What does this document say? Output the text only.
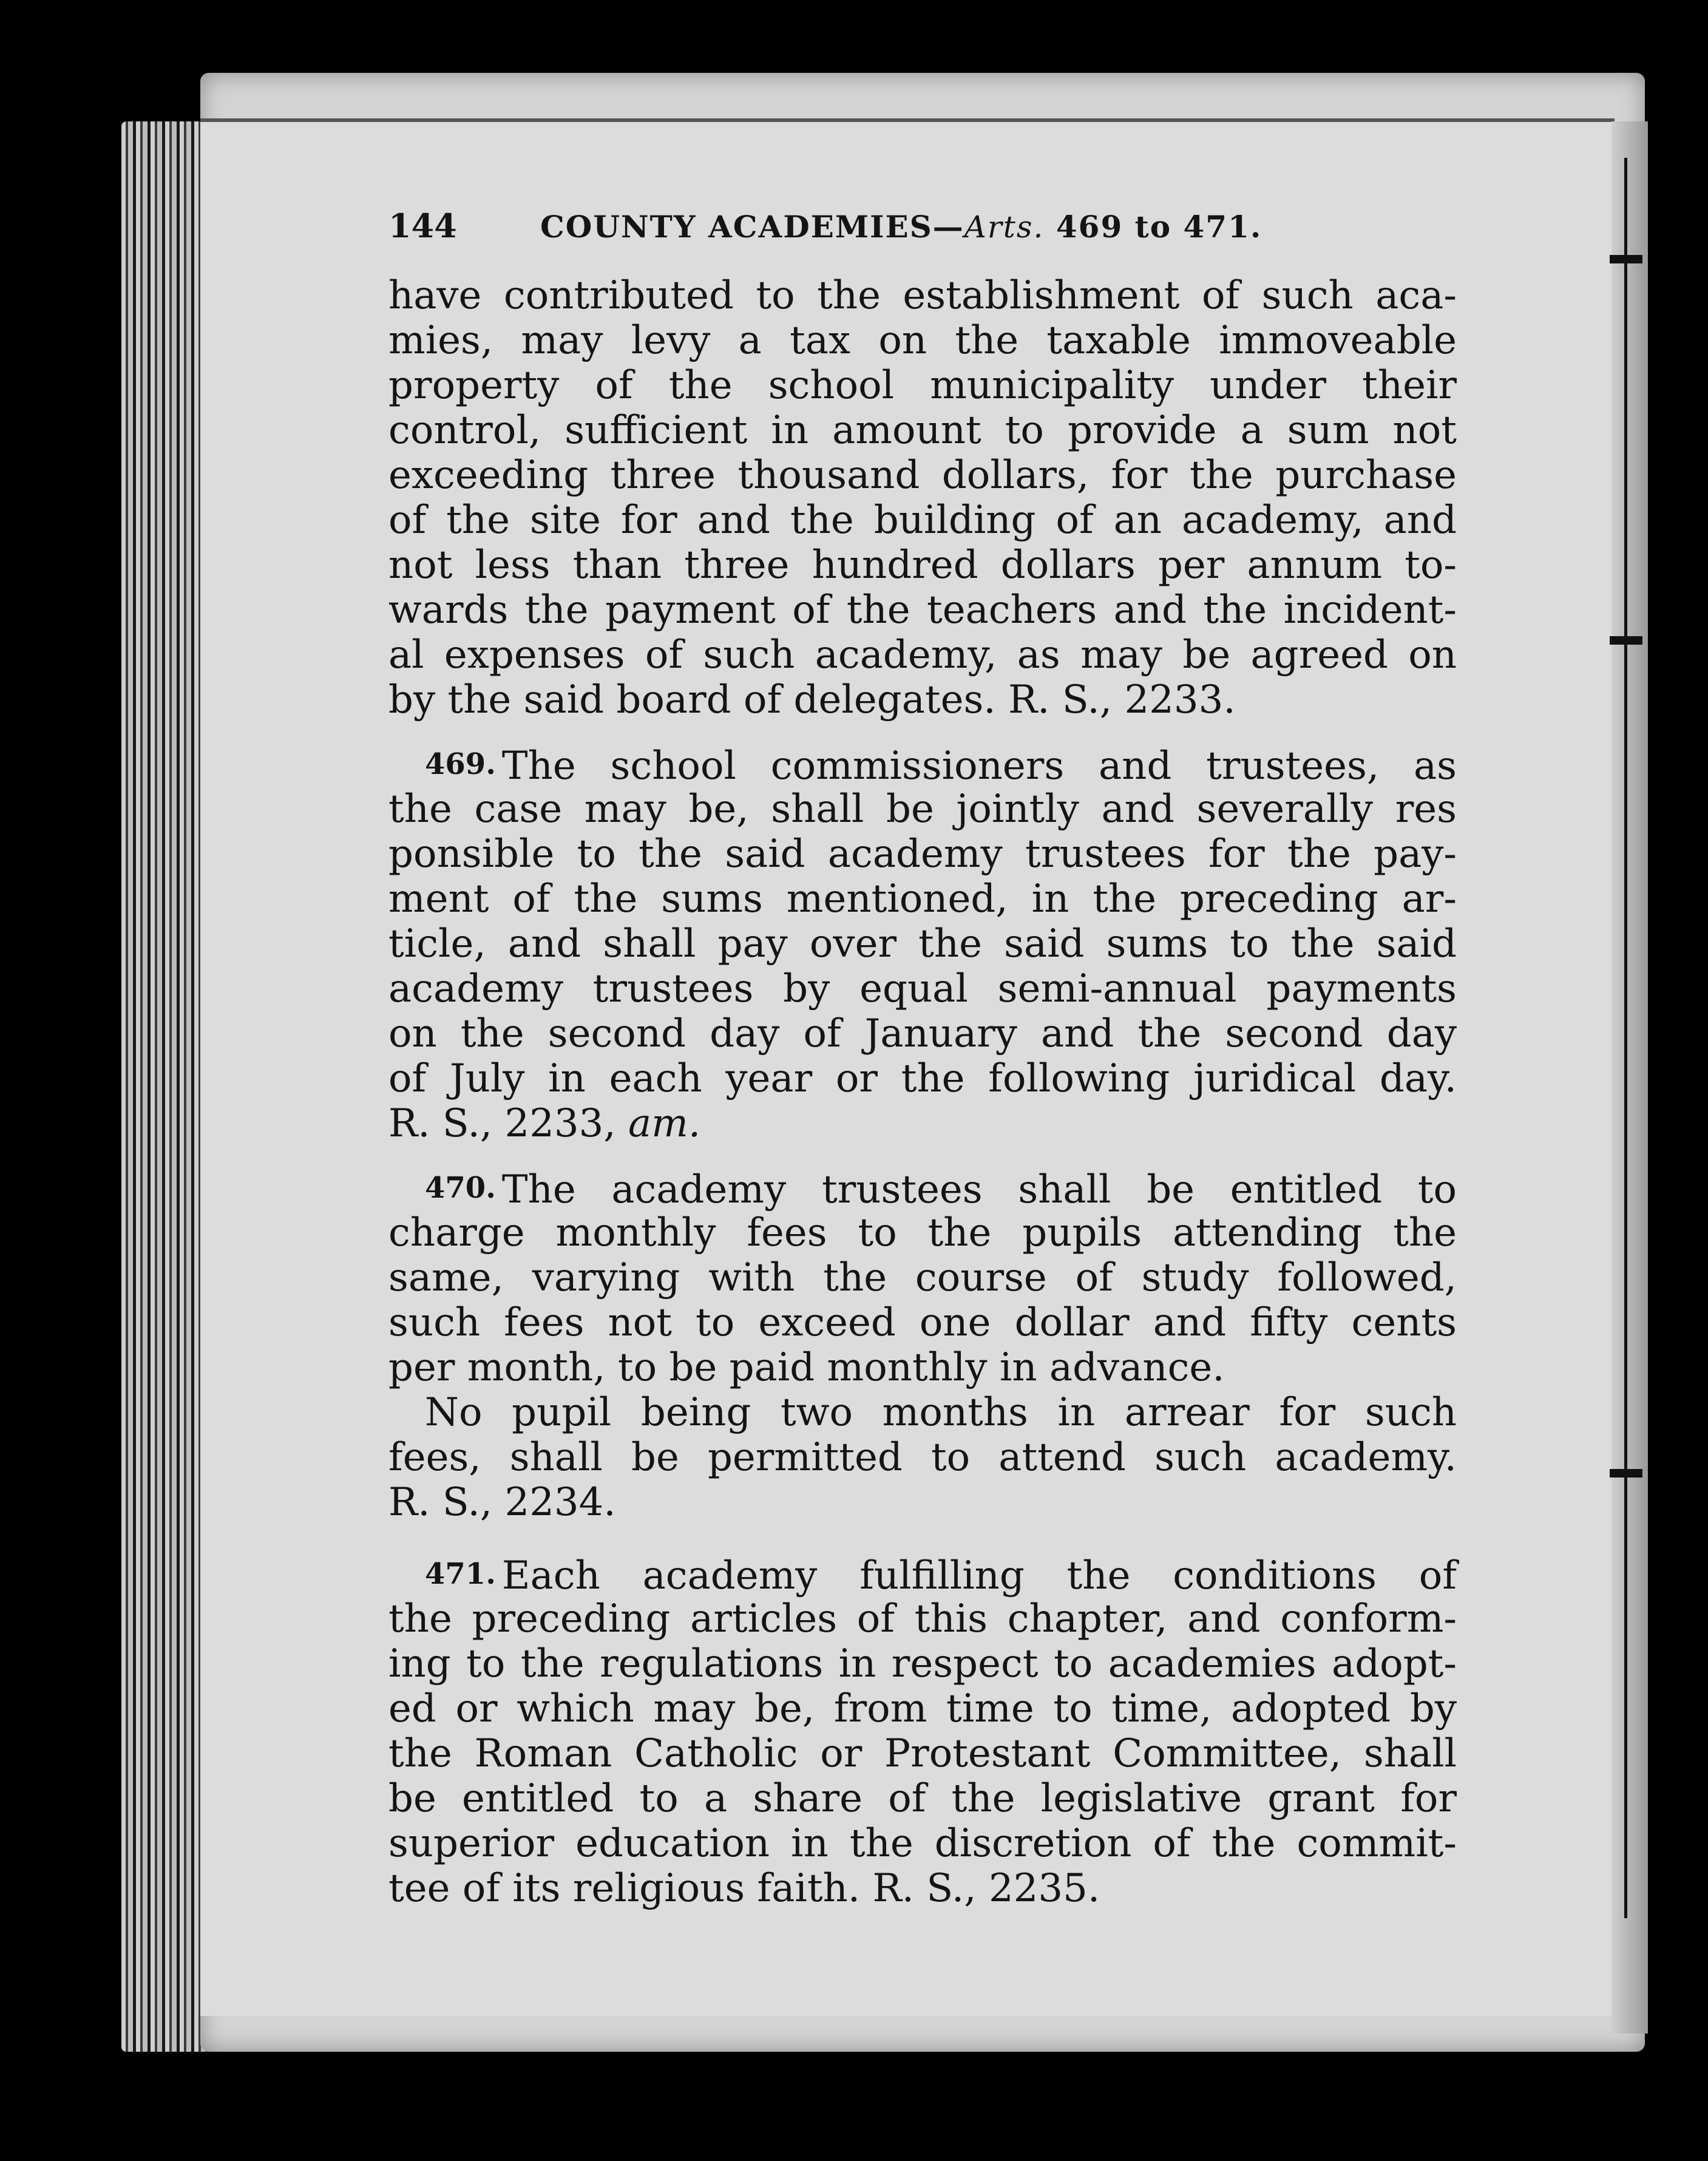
144	COUNTY ACADEMIES—Arts. 469 to 471.
have contributed to the establishment of such aca-
mies, may levy a tax on the taxable immoveable
property of the school municipality under their
control, sufficient in amount to provide a sum not
exceeding three thousand dollars, for the purchase
of the site for and the building of an academy, and
not less than three hundred dollars per annum to-
wards the payment of the teachers and the incident-
al expenses of such academy, as may be agreed on
by the said board of delegates. R. S., 2233.
469. The school commissioners and trustees, as
the case may be, shall be jointly and severally res
ponsible to the said academy trustees for the pay-
ment of the sums mentioned, in the preceding ar-
ticle, and shall pay over the said sums to the said
academy trustees by equal semi-annual payments
on the second day of January and the second day
of July in each year or the following juridical day.
R. S., 2233, am.
470. The academy trustees shall be entitled to
charge monthly fees to the pupils attending the
same, varying with the course of study followed,
such fees not to exceed one dollar and fifty cents
per month, to be paid monthly in advance.
No pupil being two months in arrear for such
fees, shall be permitted to attend such academy.
R. S., 2234.
471. Each academy fulfilling the conditions of
the preceding articles of this chapter, and conform-
ing to the regulations in respect to academies adopt-
ed or which may be, from time to time, adopted by
the Roman Catholic or Protestant Committee, shall
be entitled to a share of the legislative grant for
superior education in the discretion of the commit-
tee of its religious faith. R. S., 2235.
